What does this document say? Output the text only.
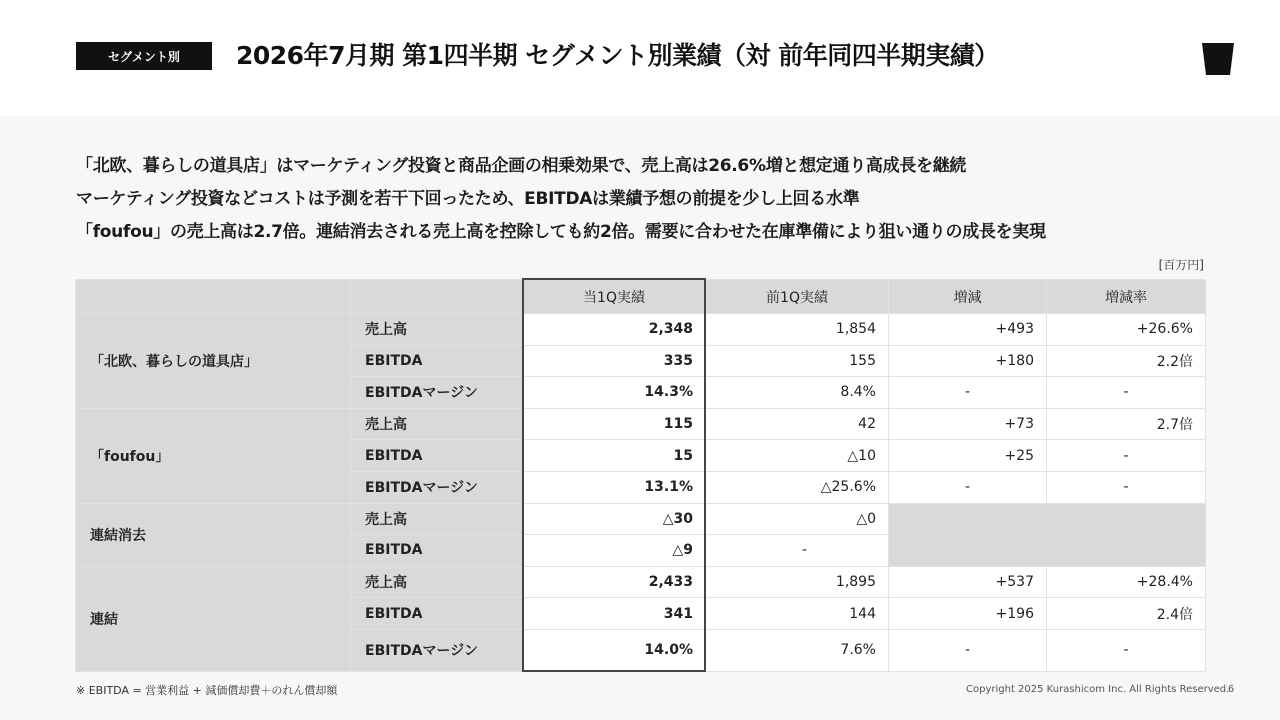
セグメント別	2026年7月期 第1四半期 セグメント別業績（対 前年同四半期実績）
「北欧、暮らしの道具店」はマーケティング投資と商品企画の相乗効果で、売上高は26.6%増と想定通り高成長を継続
マーケティング投資などコストは予測を若干下回ったため、EBITDAは業績予想の前提を少し上回る水準
「foufou」の売上高は2.7倍。連結消去される売上高を控除しても約2倍。需要に合わせた在庫準備により狙い通りの成長を実現
[百万円]
		当1Q実績	前1Q実績	増減	増減率
「北欧、暮らしの道具店」	売上高	2,348	1,854	+493	+26.6%
	EBITDA	335	155	+180	2.2倍
	EBITDAマージン	14.3%	8.4%	-	-
「foufou」	売上高	115	42	+73	2.7倍
	EBITDA	15	△10	+25	-
	EBITDAマージン	13.1%	△25.6%	-	-
連結消去	売上高	△30	△0		
	EBITDA	△9	-		
連結	売上高	2,433	1,895	+537	+28.4%
	EBITDA	341	144	+196	2.4倍
	EBITDAマージン	14.0%	7.6%	-	-
※ EBITDA = 営業利益 + 減価償却費＋のれん償却額	Copyright 2025 Kurashicom Inc. All Rights Reserved.
6
